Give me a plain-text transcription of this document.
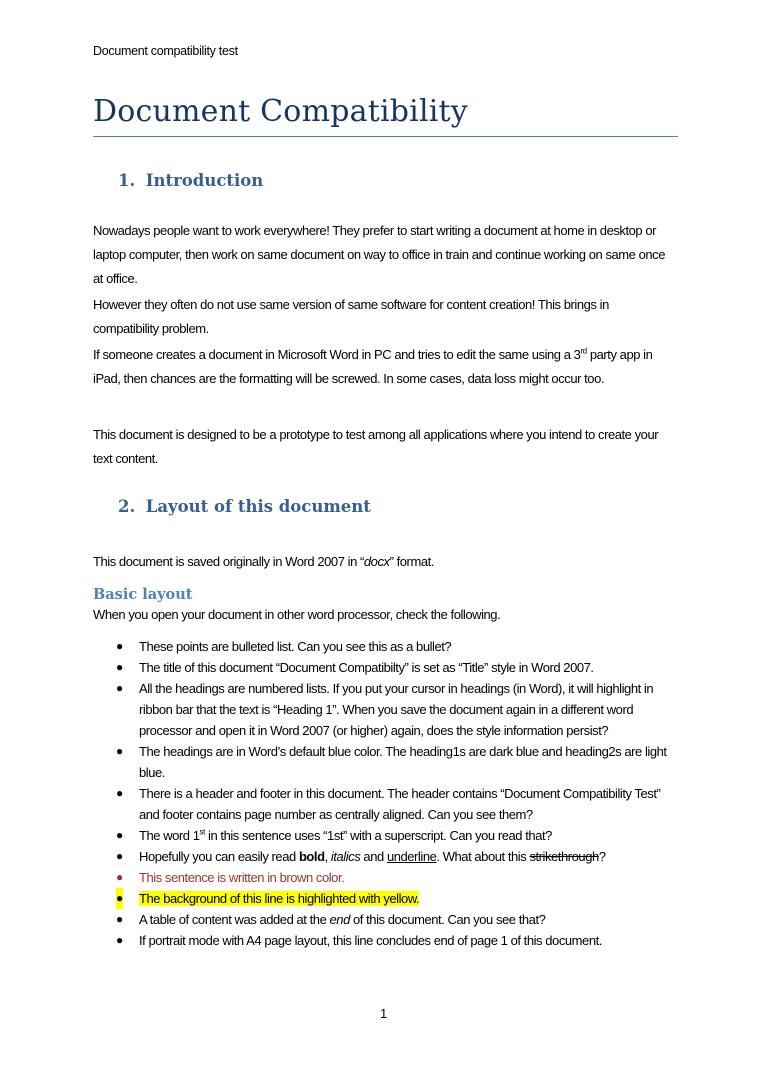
Document compatibility test
Document Compatibility
1. Introduction
Nowadays people want to work everywhere! They prefer to start writing a document at home in desktop or laptop computer, then work on same document on way to office in train and continue working on same once at office.
However they often do not use same version of same software for content creation! This brings in compatibility problem.
If someone creates a document in Microsoft Word in PC and tries to edit the same using a 3rd party app in iPad, then chances are the formatting will be screwed. In some cases, data loss might occur too.
This document is designed to be a prototype to test among all applications where you intend to create your text content.
2. Layout of this document
This document is saved originally in Word 2007 in “docx” format.
Basic layout
When you open your document in other word processor, check the following.
● These points are bulleted list. Can you see this as a bullet?
● The title of this document “Document Compatibilty” is set as “Title” style in Word 2007.
● All the headings are numbered lists. If you put your cursor in headings (in Word), it will highlight in ribbon bar that the text is “Heading 1”. When you save the document again in a different word processor and open it in Word 2007 (or higher) again, does the style information persist?
● The headings are in Word’s default blue color. The heading1s are dark blue and heading2s are light blue.
● There is a header and footer in this document. The header contains “Document Compatibility Test” and footer contains page number as centrally aligned. Can you see them?
● The word 1st in this sentence uses “1st” with a superscript. Can you read that?
● Hopefully you can easily read bold, italics and underline. What about this strikethrough?
● This sentence is written in brown color.
● The background of this line is highlighted with yellow.
● A table of content was added at the end of this document. Can you see that?
● If portrait mode with A4 page layout, this line concludes end of page 1 of this document.
1
